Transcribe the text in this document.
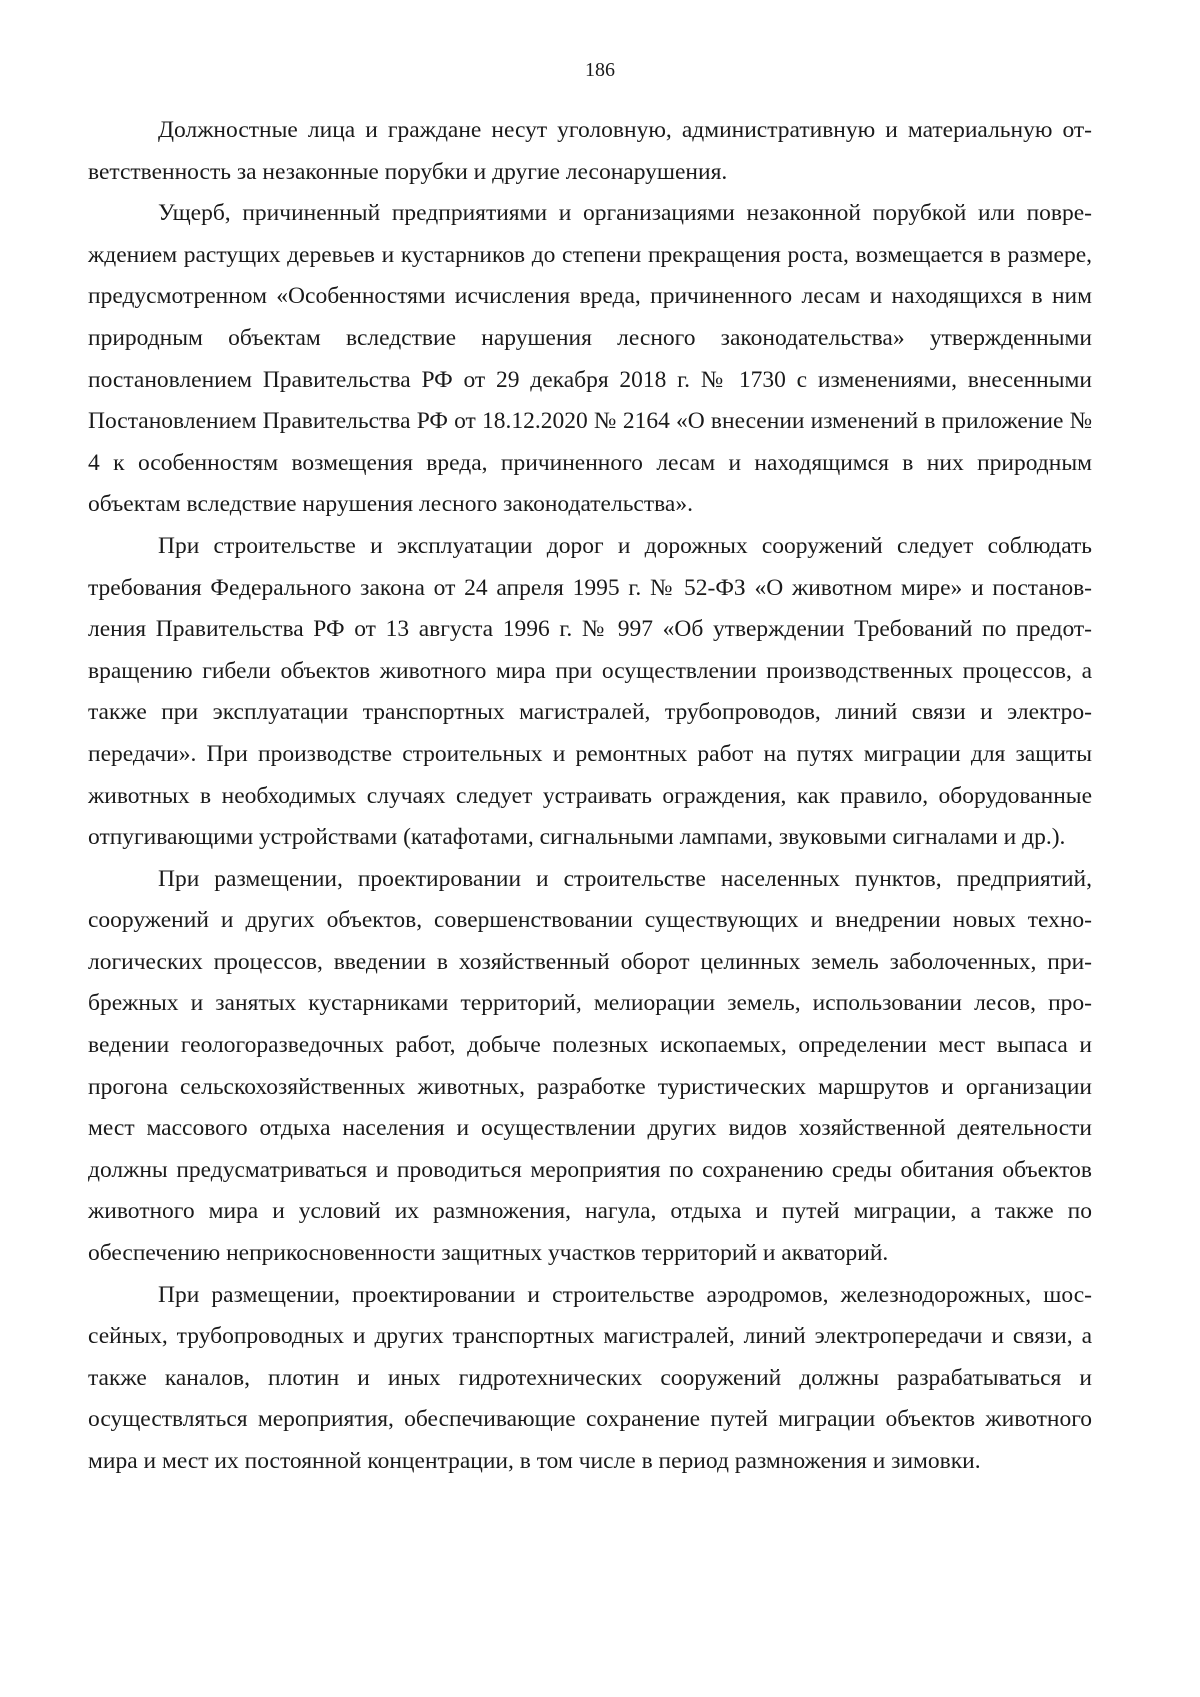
186

Должностные лица и граждане несут уголовную, административную и материальную ответственность за незаконные порубки и другие лесонарушения.

Ущерб, причиненный предприятиями и организациями незаконной порубкой или повреждением растущих деревьев и кустарников до степени прекращения роста, возмещается в размере, предусмотренном «Особенностями исчисления вреда, причиненного лесам и находящихся в ним природным объектам вследствие нарушения лесного законодательства» утвержденными постановлением Правительства РФ от 29 декабря 2018 г. № 1730 с изменениями, внесенными Постановлением Правительства РФ от 18.12.2020 № 2164 «О внесении изменений в приложение № 4 к особенностям возмещения вреда, причиненного лесам и находящимся в них природным объектам вследствие нарушения лесного законодательства».

При строительстве и эксплуатации дорог и дорожных сооружений следует соблюдать требования Федерального закона от 24 апреля 1995 г. № 52-ФЗ «О животном мире» и постановления Правительства РФ от 13 августа 1996 г. № 997 «Об утверждении Требований по предотвращению гибели объектов животного мира при осуществлении производственных процессов, а также при эксплуатации транспортных магистралей, трубопроводов, линий связи и электропередачи». При производстве строительных и ремонтных работ на путях миграции для защиты животных в необходимых случаях следует устраивать ограждения, как правило, оборудованные отпугивающими устройствами (катафотами, сигнальными лампами, звуковыми сигналами и др.).

При размещении, проектировании и строительстве населенных пунктов, предприятий, сооружений и других объектов, совершенствовании существующих и внедрении новых технологических процессов, введении в хозяйственный оборот целинных земель заболоченных, прибрежных и занятых кустарниками территорий, мелиорации земель, использовании лесов, проведении геологоразведочных работ, добыче полезных ископаемых, определении мест выпаса и прогона сельскохозяйственных животных, разработке туристических маршрутов и организации мест массового отдыха населения и осуществлении других видов хозяйственной деятельности должны предусматриваться и проводиться мероприятия по сохранению среды обитания объектов животного мира и условий их размножения, нагула, отдыха и путей миграции, а также по обеспечению неприкосновенности защитных участков территорий и акваторий.

При размещении, проектировании и строительстве аэродромов, железнодорожных, шоссейных, трубопроводных и других транспортных магистралей, линий электропередачи и связи, а также каналов, плотин и иных гидротехнических сооружений должны разрабатываться и осуществляться мероприятия, обеспечивающие сохранение путей миграции объектов животного мира и мест их постоянной концентрации, в том числе в период размножения и зимовки.
